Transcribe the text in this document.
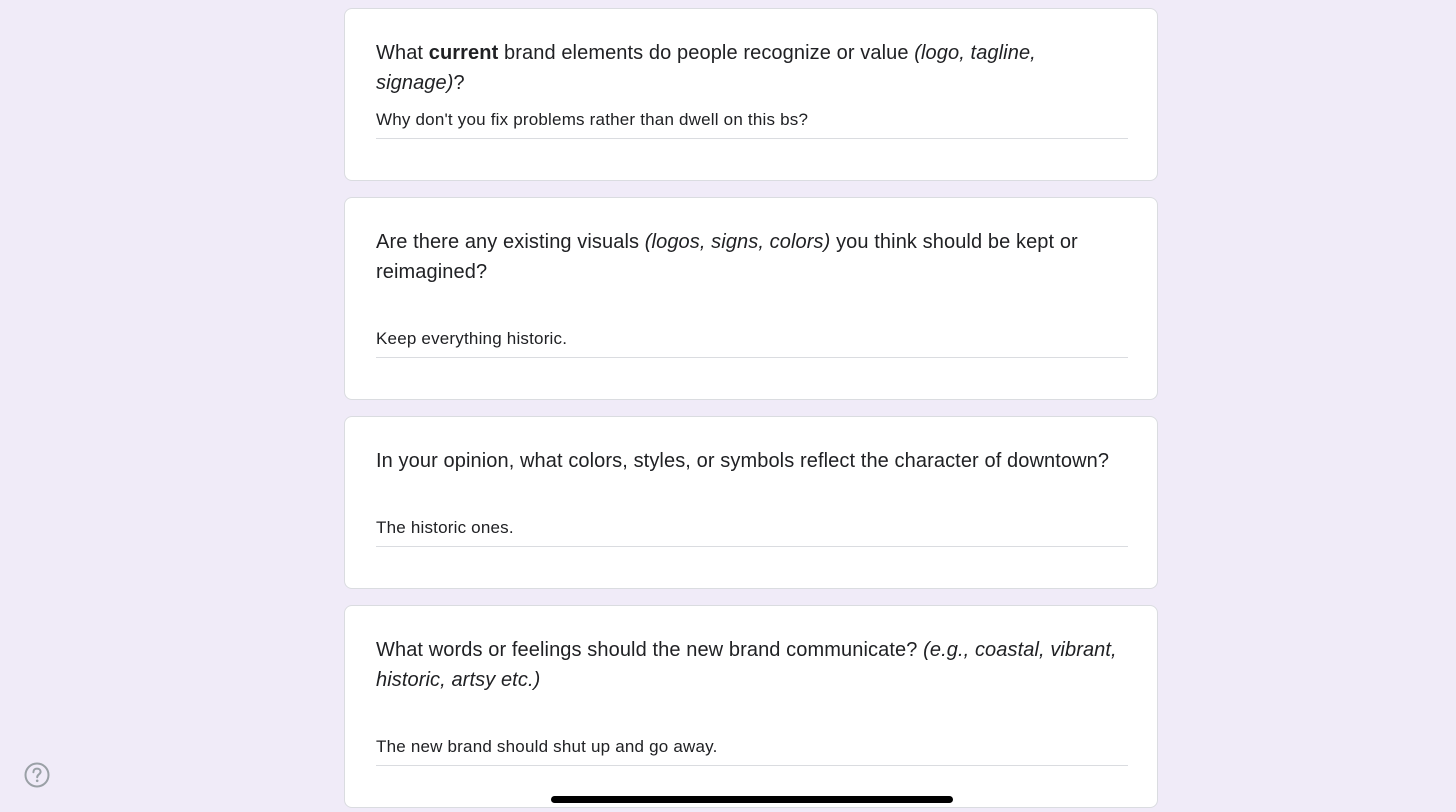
What current brand elements do people recognize or value (logo, tagline, signage)?
Why don't you fix problems rather than dwell on this bs?
Are there any existing visuals (logos, signs, colors) you think should be kept or reimagined?
Keep everything historic.
In your opinion, what colors, styles, or symbols reflect the character of downtown?
The historic ones.
What words or feelings should the new brand communicate? (e.g., coastal, vibrant, historic, artsy etc.)
The new brand should shut up and go away.
